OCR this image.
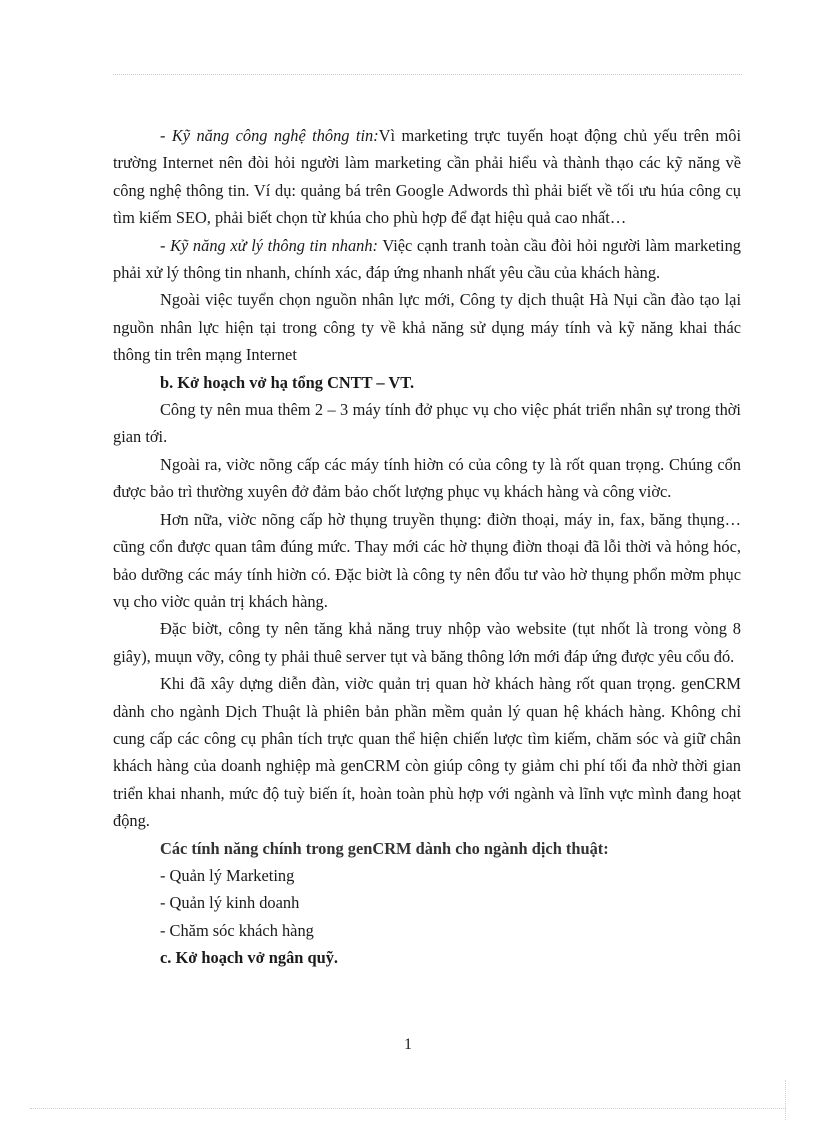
- Kỹ năng công nghệ thông tin:Vì marketing trực tuyến hoạt động chủ yếu trên môi trường Internet nên đòi hỏi người làm marketing cần phải hiểu và thành thạo các kỹ năng về công nghệ thông tin. Ví dụ: quảng bá trên Google Adwords thì phải biết về tối ưu húa công cụ tìm kiếm SEO, phải biết chọn từ khúa cho phù hợp để đạt hiệu quả cao nhất…

- Kỹ năng xử lý thông tin nhanh: Việc cạnh tranh toàn cầu đòi hỏi người làm marketing phải xử lý thông tin nhanh, chính xác, đáp ứng nhanh nhất yêu cầu của khách hàng.

Ngoài việc tuyển chọn nguồn nhân lực mới, Công ty dịch thuật Hà Nụi cần đào tạo lại nguồn nhân lực hiện tại trong công ty về khả năng sử dụng máy tính và kỹ năng khai thác thông tin trên mạng Internet

b. Kở hoạch vở hạ tổng CNTT – VT.

Công ty nên mua thêm 2 – 3 máy tính đở phục vụ cho việc phát triển nhân sự trong thời gian tới.

Ngoài ra, viờc nõng cấp các máy tính hiờn có của công ty là rốt quan trọng. Chúng cổn được bảo trì thường xuyên đở đảm bảo chốt lượng phục vụ khách hàng và công viờc.

Hơn nữa, viờc nõng cấp hờ thụng truyền thụng: điờn thoại, máy in, fax, băng thụng… cũng cổn được quan tâm đúng mức. Thay mới các hờ thụng điờn thoại đã lỗi thời và hỏng hóc, bảo dưỡng các máy tính hiờn có. Đặc biờt là công ty nên đổu tư vào hờ thụng phổn mờm phục vụ cho viờc quản trị khách hàng.

Đặc biờt, công ty nên tăng khả năng truy nhộp vào website (tụt nhốt là trong vòng 8 giây), muụn vỡy, công ty phải thuê server tụt và băng thông lớn mới đáp ứng được yêu cổu đó.

Khi đã xây dựng diễn đàn, viờc quản trị quan hờ khách hàng rốt quan trọng. genCRM dành cho ngành Dịch Thuật là phiên bản phần mềm quản lý quan hệ khách hàng. Không chỉ cung cấp các công cụ phân tích trực quan thể hiện chiến lược tìm kiếm, chăm sóc và giữ chân khách hàng của doanh nghiệp mà genCRM còn giúp công ty giảm chi phí tối đa nhờ thời gian triển khai nhanh, mức độ tuỳ biến ít, hoàn toàn phù hợp với ngành và lĩnh vực mình đang hoạt động.

Các tính năng chính trong genCRM dành cho ngành dịch thuật:

- Quản lý Marketing

- Quản lý kinh doanh

- Chăm sóc khách hàng

c. Kở hoạch vở ngân quỹ.

1
